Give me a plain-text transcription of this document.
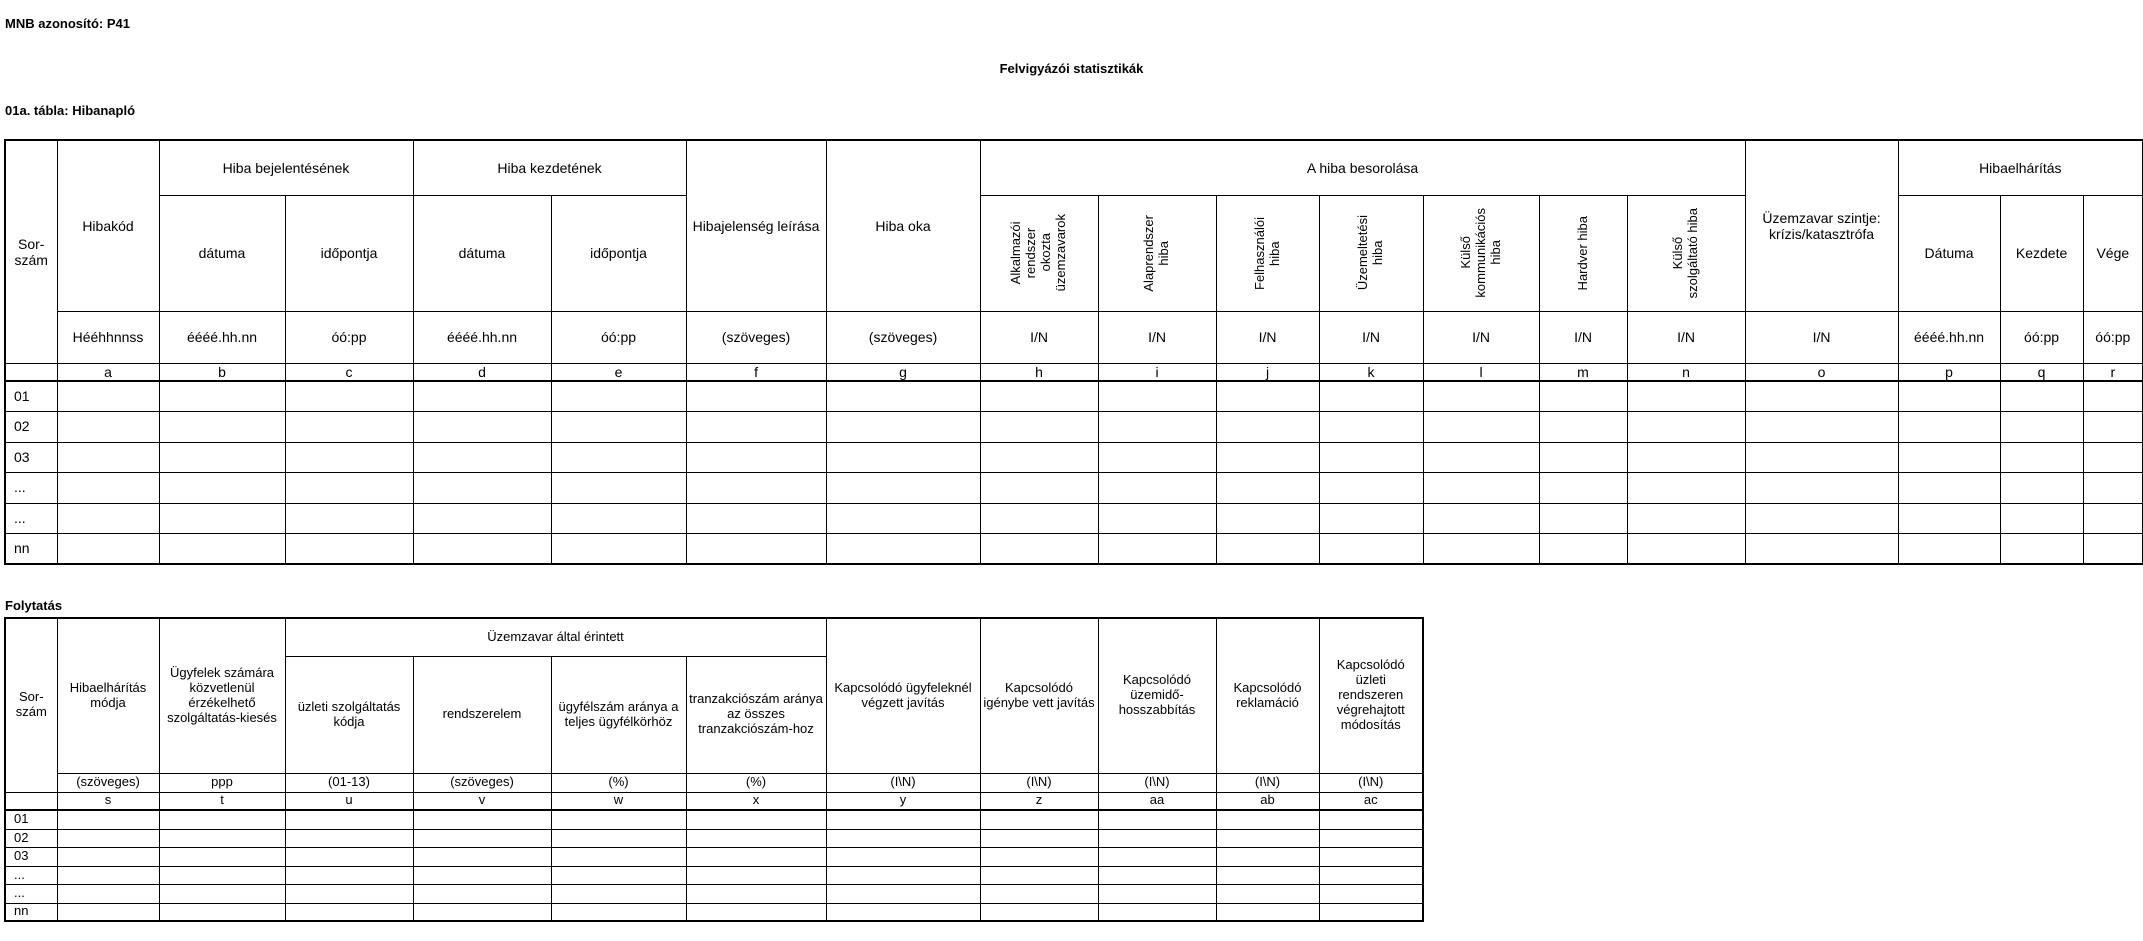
MNB azonosító: P41
Felvigyázói statisztikák
01a. tábla: Hibanapló
Sor-
szám	Hibakód	Hiba bejelentésének		Hiba kezdetének		Hibajelenség leírása	Hiba oka	A hiba besorolása							Üzemzavar szintje: krízis/katasztrófa	Hibaelhárítás		
		dátuma	időpontja	dátuma	időpontja			Alkalmazói
rendszer
okozta
üzemzavarok	Alaprendszer
hiba	Felhasználói
hiba	Üzemeltetési
hiba	Külső
kommunikációs
hiba	Hardver hiba	Külső
szolgáltató hiba		Dátuma	Kezdete	Vége
	Hééhhnnss	éééé.hh.nn	óó:pp	éééé.hh.nn	óó:pp	(szöveges)	(szöveges)	I/N	I/N	I/N	I/N	I/N	I/N	I/N	I/N	éééé.hh.nn	óó:pp	óó:pp
	a	b	c	d	e	f	g	h	i	j	k	l	m	n	o	p	q	r
01																		
02																		
03																		
...																		
...																		
nn																		
Folytatás
Sor-
szám	Hibaelhárítás módja	Ügyfelek számára közvetlenül érzékelhető szolgáltatás-kiesés	Üzemzavar által érintett				Kapcsolódó ügyfeleknél végzett javítás	Kapcsolódó igénybe vett javítás	Kapcsolódó üzemidő-hosszabbítás	Kapcsolódó reklamáció	Kapcsolódó üzleti rendszeren végrehajtott módosítás
			üzleti szolgáltatás kódja	rendszerelem	ügyfélszám aránya a teljes ügyfélkörhöz	tranzakciószám aránya az összes tranzakciószám-hoz					
	(szöveges)	ppp	(01-13)	(szöveges)	(%)	(%)	(I\N)	(I\N)	(I\N)	(I\N)	(I\N)
	s	t	u	v	w	x	y	z	aa	ab	ac
01											
02											
03											
...											
...											
nn											
